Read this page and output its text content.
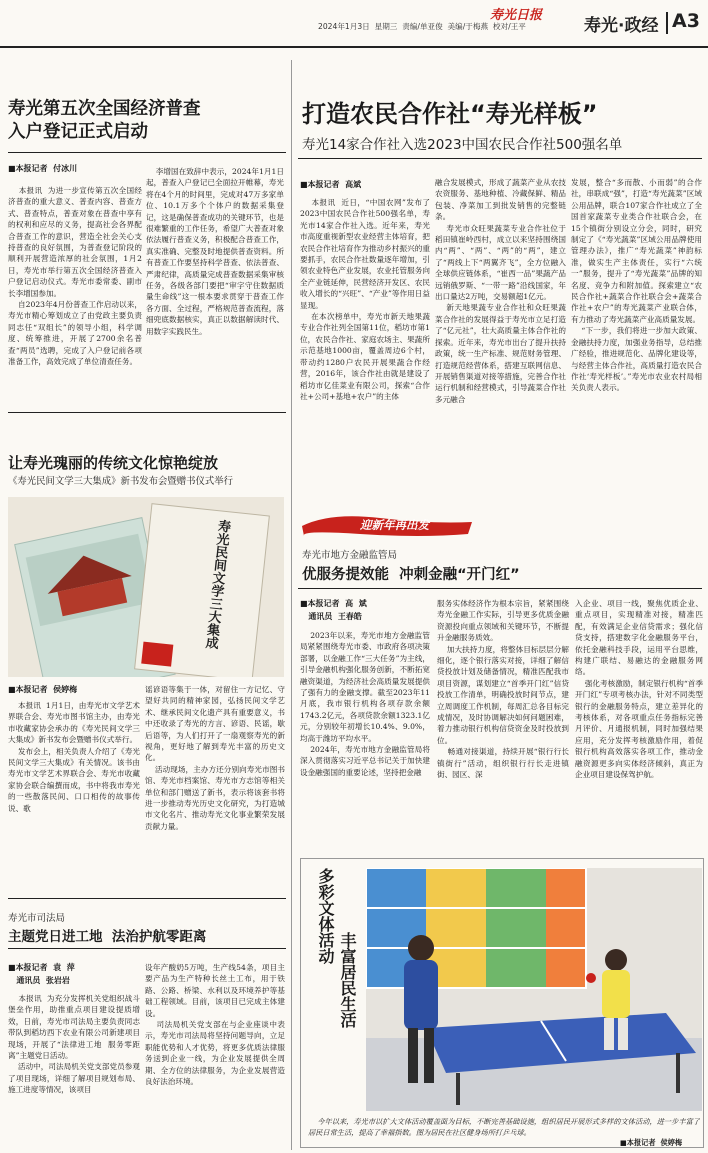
寿光日报
2024年1月3日  星期三  责编/单亚俊  美编/于梅燕  校对/王平	寿光·政经 A3
寿光第五次全国经济普查
入户登记正式启动
■本报记者  付冰川
本报讯  为进一步宣传第五次全国经济普查的重大意义、普查内容、普查方式、普查特点，普查对象在普查中享有的权利和应尽的义务，提高社会各界配合普查工作的意识，营造全社会关心支持普查的良好氛围，为普查登记阶段的顺利开展营造浓厚的社会氛围，1月2日，寿光市举行第五次全国经济普查入户登记启动仪式。寿光市委常委、副市长李增国参加。
自2023年4月份普查工作启动以来，寿光市精心筹划成立了由党政主要负责同志任“双组长”的领导小组，科学调度、统筹推进，开展了2700余名普查“两员”选聘，完成了入户登记前各项准备工作，高效完成了单位清查任务。
李增国在致辞中表示，2024年1月1日起，普查入户登记已全面拉开帷幕，寿光将在4个月的时间里，完成对47万多家单位、10.1万多个个体户的数据采集登记，这是确保普查成功的关键环节，也是很难繁重的工作任务，希望广大普查对象依法履行普查义务，积极配合普查工作，真实准确、完整及时地提供普查资料。所有普查工作要坚持科学普查、依法普查、严肃纪律，高质量完成普查数据采集审核任务，各级各部门要把“审字守住数据质量生命线”这一根本要求贯穿于普查工作各方面、全过程，严格规范普查流程，落细兜底数据核实，真正以数据解读时代、用数字实践民生。
打造农民合作社“寿光样板”
寿光14家合作社入选2023中国农民合作社500强名单
■本报记者  高斌
本报讯  近日，“中国农网”发布了2023中国农民合作社500强名单，寿光市14家合作社入选。近年来，寿光市高度重视新型农业经营主体培育，把农民合作社培育作为推动乡村振兴的重要抓手，农民合作社数量逐年增加，引领农业特色产业发展，农业托管服务向全产业链延伸，民营经济开发区、农民收入增长的“兴旺”、“产业”等作用日益显现。
在本次榜单中，寿光市新天地果蔬专业合作社列全国第11位，稻坊市第1位，农民合作社、家庭农场主、果蔬所示范基地1000亩，覆盖周边6个村，带动约1280户农民开展果蔬合作经营，2016年，该合作社由就是建设了稻坊市亿佳菜业有限公司，探索“合作社+公司+基地+农户”的主体
融合发展模式，形成了蔬菜产业从农技农资服务、基地种植、冷藏保鲜、精品包装、净菜加工到批发销售的完整链条。
寿光市众旺果蔬菜专业合作社位于稻田镇崔岭西村，成立以来坚持围绕国内“两”、“两”、“两”的“两”，建立了“两线上下“两翼齐飞”，全方位融入全球供应链体系，“崔西一品”果蔬产品远销俄罗斯、“一带一路”沿线国家，年出口量达2万吨，交易额超1亿元。
新天地果蔬专业合作社和众旺果蔬菜合作社的发展得益于寿光市立足打造了“亿元社”，壮大高质量主体合作社的探索。近年来，寿光市出台了提升扶持政策，统一生产标准、规范财务管理、打造规范经营体系，搭建互联网信息、开展销售渠道对接等措施，完善合作社运行机制和经营模式，引导蔬菜合作社多元融合
发展，整合“多而散、小而弱”的合作社，串联成“强”，打造“寿光蔬菜”区域公用品牌，联合107家合作社成立了全国首家蔬菜专业类合作社联合会，在15个镇街分别设立分会，同时，研究制定了《“寿光蔬菜”区域公用品牌使用管理办法》，推广“寿光蔬菜”神韵标准，做实生产主体责任，实行“六统一”服务，提升了“寿光蔬菜”品牌的知名度、竞争力和附加值。探索建立“农民合作社+蔬菜合作社联合会+蔬菜合作社+农户”的寿光蔬菜产业联合体，有力推动了寿光蔬菜产业高质量发展。
“下一步，我们将进一步加大政策、金融扶持力度，加强业务指导，总结推广经验，推进规范化、品牌化建设等，与经营主体合作社，高质量打造农民合作社‘寿光样板’。”寿光市农业农村局相关负责人表示。
让寿光瑰丽的传统文化惊艳绽放
《寿光民间文学三大集成》新书发布会暨赠书仪式举行
寿光民间文学三大集成
■本报记者  侯婷梅
本报讯  1月1日，由寿光市文学艺术界联合会、寿光市图书馆主办，由寿光市收藏家协会承办的《寿光民间文学三大集成》新书发布会暨赠书仪式举行。
发布会上，相关负责人介绍了《寿光民间文学三大集成》有关情况。该书由寿光市文学艺术界联合会、寿光市收藏家协会联合编撰而成，书中将我市寿光的一些散落民间、口口相传的故事传说、歌
谣谚语等集于一体，对留住一方记忆、守望好共同的精神家园，弘扬民间文学艺术、继承民间文化遗产具有重要意义，书中还收录了寿光的方言、谚语、民谣，歇后语等，为人们打开了一扇观察寿光的新视角，更好地了解到寿光丰富的历史文化。
活动现场，主办方还分别向寿光市图书馆、寿光市档案馆、寿光市方志馆等相关单位和部门赠送了新书，表示将该套书将进一步推动寿光历史文化研究，为打造城市文化名片、推动寿光文化事业繁荣发展贡献力量。
寿光市司法局
主题党日进工地  法治护航零距离
■本报记者  袁  萍
通讯员  张岩岩
本报讯  为充分发挥机关党组织战斗堡垒作用，助推重点项目建设提质增效，日前，寿光市司法局主要负责同志带队到稻坊西下农业有限公司新建项目现场，开展了“法律进工地  服务零距离”主题党日活动。
活动中，司法局机关党支部党员参观了项目现场，详细了解项目规划布局、施工进度等情况，该项目
设年产酸奶5万吨，生产线54条，项目主要产品为生产特种长丝土工布，用于铁路、公路、桥梁、水利以及环境养护等基础工程领域。目前，该项目已完成主体建设。
司法局机关党支部在与企业座谈中表示，寿光市司法局将坚持问题导向，立足职能优势和人才优势，将更多优质法律服务送到企业一线，为企业发展提供全周期、全方位的法律服务，为企业发展营造良好法治环境。
迎新年再出发
寿光市地方金融监管局
优服务提效能  冲刺金融“开门红”
■本报记者  高  斌
通讯员  王春皓
2023年以来，寿光市地方金融监管局紧紧围绕寿光市委、市政府各项决策部署，以金融工作“三大任务”为主线，引导金融机构强化服务创新，不断拓宽融资渠道，为经济社会高质量发展提供了强有力的金融支撑。截至2023年11月底，我市银行机构各项存款余额1743.2亿元，各项贷款余额1323.1亿元，分别较年初增长10.4%、9.0%，均高于潍坊平均水平。
2024年，寿光市地方金融监管局将深入贯彻落实习近平总书记关于加快建设金融强国的重要论述，坚持把金融
服务实体经济作为根本宗旨，紧紧围绕寿光金融工作实际，引导更多优质金融资源投向重点领域和关键环节，不断提升金融服务质效。
加大扶持力度，将整体目标层层分解细化，逐个银行落实对接，详细了解信贷投放计划及储备情况，精准匹配我市项目资源，谋划建立“首季开门红”信贷投放工作清单，明确投放时间节点，建立周调度工作机制，每周汇总各目标完成情况，及时协调解决如何问题困难，着力推动银行机构信贷资金及时投放到位。
畅通对接渠道，持续开展“银行行长镇街行”活动，组织银行行长走进镇街、园区、深
入企业、项目一线，聚焦优质企业、重点项目，实现精准对接，精准匹配，有效满足企业信贷需求；强化信贷支持，搭建数字化金融服务平台，依托金融科技手段，运用平台思维，构建广联结、易融达的金融服务网络。
强化考核激励，制定银行机构“首季开门红”专项考核办法，针对不同类型银行的金融服务特点，建立差异化的考核体系，对各项重点任务指标完善月评价、月通报机制，同时加强结果应用，充分发挥考核激励作用，着促银行机构高效落实各项工作，推动金融资源更多向实体经济倾斜，真正为企业项目建设保驾护航。
多彩文体活动
丰富居民生活
今年以来，寿光市以扩大文体活动覆盖面为目标，不断完善基础设施，组织居民开展形式多样的文体活动，进一步丰富了居民日常生活，提高了幸福指数。图为居民在社区健身场所打乒乓球。
■本报记者  侯婷梅
